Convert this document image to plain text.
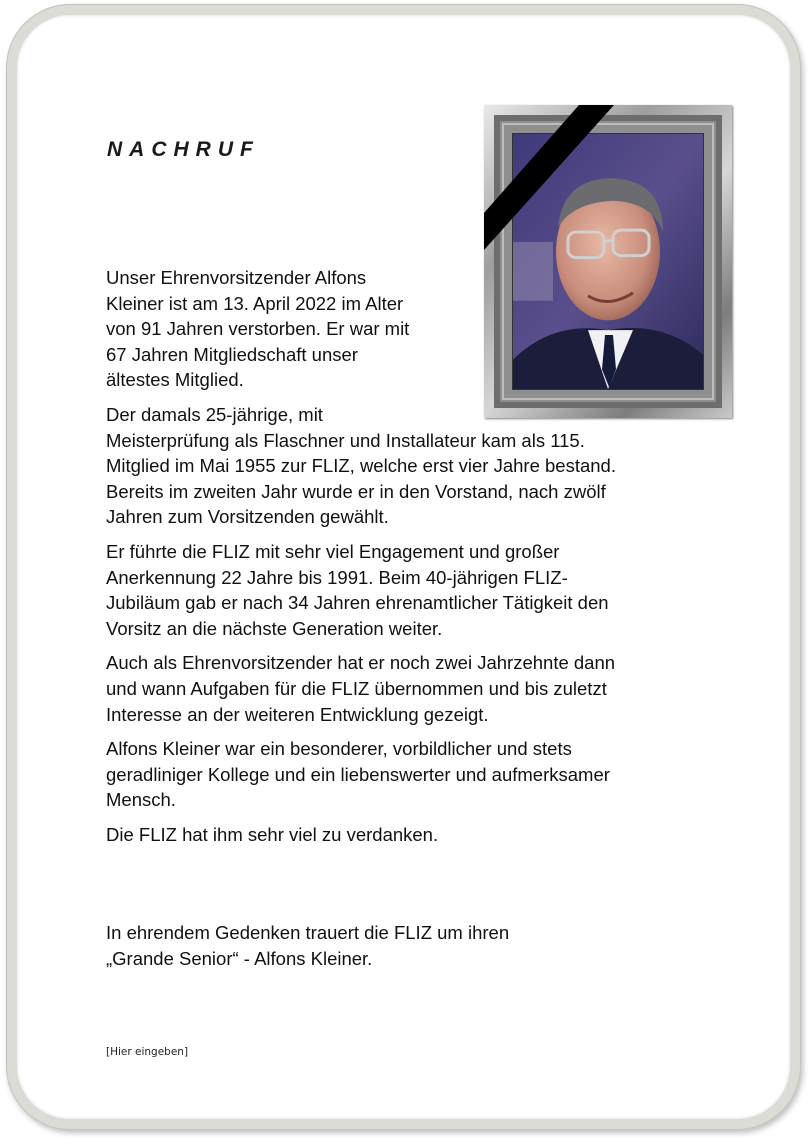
NACHRUF

Unser Ehrenvorsitzender Alfons
Kleiner ist am 13. April 2022 im Alter
von 91 Jahren verstorben. Er war mit
67 Jahren Mitgliedschaft unser
ältestes Mitglied.

Der damals 25-jährige, mit
Meisterprüfung als Flaschner und Installateur kam als 115.
Mitglied im Mai 1955 zur FLIZ, welche erst vier Jahre bestand.
Bereits im zweiten Jahr wurde er in den Vorstand, nach zwölf
Jahren zum Vorsitzenden gewählt.

Er führte die FLIZ mit sehr viel Engagement und großer
Anerkennung 22 Jahre bis 1991. Beim 40-jährigen FLIZ-
Jubiläum gab er nach 34 Jahren ehrenamtlicher Tätigkeit den
Vorsitz an die nächste Generation weiter.

Auch als Ehrenvorsitzender hat er noch zwei Jahrzehnte dann
und wann Aufgaben für die FLIZ übernommen und bis zuletzt
Interesse an der weiteren Entwicklung gezeigt.

Alfons Kleiner war ein besonderer, vorbildlicher und stets
geradliniger Kollege und ein liebenswerter und aufmerksamer
Mensch.

Die FLIZ hat ihm sehr viel zu verdanken.

In ehrendem Gedenken trauert die FLIZ um ihren
„Grande Senior“ - Alfons Kleiner.

[Hier eingeben]
